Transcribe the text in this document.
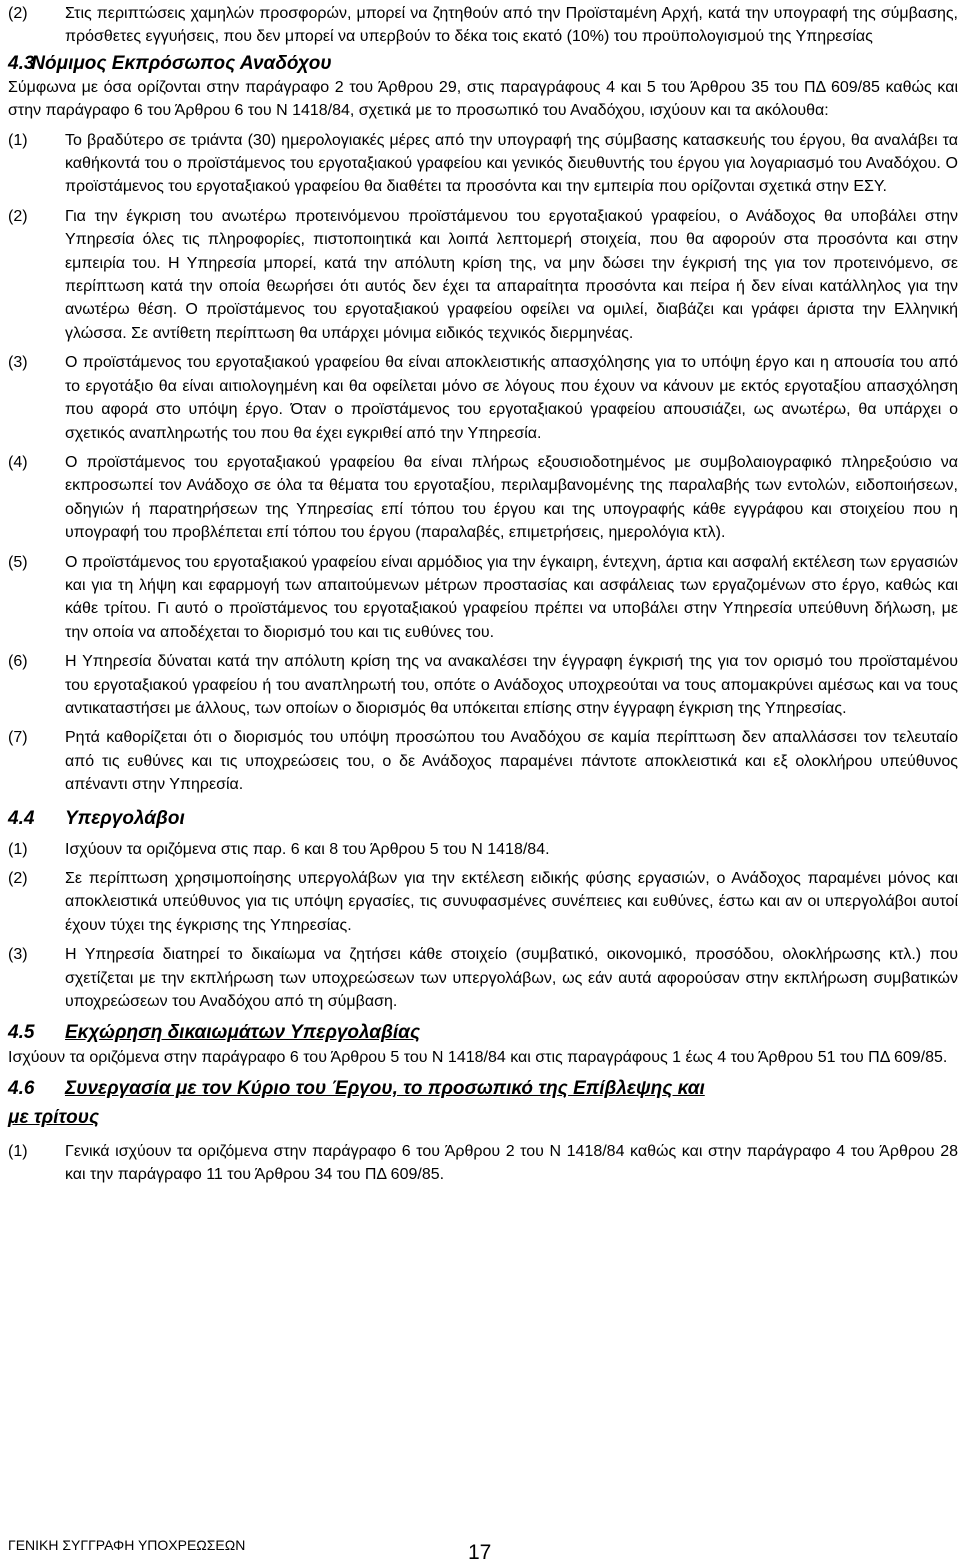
(2)	Στις περιπτώσεις χαμηλών προσφορών, μπορεί να ζητηθούν από την Προϊσταμένη Αρχή, κατά την υπογραφή της σύμβασης, πρόσθετες εγγυήσεις, που δεν μπορεί να υπερβούν το δέκα τοις εκατό (10%) του προϋπολογισμού της Υπηρεσίας
4.3 Νόμιμος Εκπρόσωπος Αναδόχου

Σύμφωνα με όσα ορίζονται στην παράγραφο 2 του Άρθρου 29, στις παραγράφους 4 και 5 του Άρθρου 35 του ΠΔ 609/85 καθώς και στην παράγραφο 6 του Άρθρου 6 του Ν 1418/84, σχετικά με το προσωπικό του Αναδόχου, ισχύουν και τα ακόλουθα:

(1)	Το βραδύτερο σε τριάντα (30) ημερολογιακές μέρες από την υπογραφή της σύμβασης κατασκευής του έργου, θα αναλάβει τα καθήκοντά του ο προϊστάμενος του εργοταξιακού γραφείου και γενικός διευθυντής του έργου για λογαριασμό του Αναδόχου. Ο προϊστάμενος του εργοταξιακού γραφείου θα διαθέτει τα προσόντα και την εμπειρία που ορίζονται σχετικά στην ΕΣΥ.
(2)	Για την έγκριση του ανωτέρω προτεινόμενου προϊστάμενου του εργοταξιακού γραφείου, ο Ανάδοχος θα υποβάλει στην Υπηρεσία όλες τις πληροφορίες, πιστοποιητικά και λοιπά λεπτομερή στοιχεία, που θα αφορούν στα προσόντα και στην εμπειρία του. Η Υπηρεσία μπορεί, κατά την απόλυτη κρίση της, να μην δώσει την έγκρισή της για τον προτεινόμενο, σε περίπτωση κατά την οποία θεωρήσει ότι αυτός δεν έχει τα απαραίτητα προσόντα και πείρα ή δεν είναι κατάλληλος για την ανωτέρω θέση. Ο προϊστάμενος του εργοταξιακού γραφείου οφείλει να ομιλεί, διαβάζει και γράφει άριστα την Ελληνική γλώσσα. Σε αντίθετη περίπτωση θα υπάρχει μόνιμα ειδικός τεχνικός διερμηνέας.
(3)	Ο προϊστάμενος του εργοταξιακού γραφείου θα είναι αποκλειστικής απασχόλησης για το υπόψη έργο και η απουσία του από το εργοτάξιο θα είναι αιτιολογημένη και θα οφείλεται μόνο σε λόγους που έχουν να κάνουν με εκτός εργοταξίου απασχόληση που αφορά στο υπόψη έργο. Όταν ο προϊστάμενος του εργοταξιακού γραφείου απουσιάζει, ως ανωτέρω, θα υπάρχει ο σχετικός αναπληρωτής του που θα έχει εγκριθεί από την Υπηρεσία.
(4)	Ο προϊστάμενος του εργοταξιακού γραφείου θα είναι πλήρως εξουσιοδοτημένος με συμβολαιογραφικό πληρεξούσιο να εκπροσωπεί τον Ανάδοχο σε όλα τα θέματα του εργοταξίου, περιλαμβανομένης της παραλαβής των εντολών, ειδοποιήσεων, οδηγιών ή παρατηρήσεων της Υπηρεσίας επί τόπου του έργου και της υπογραφής κάθε εγγράφου και στοιχείου που η υπογραφή του προβλέπεται επί τόπου του έργου (παραλαβές, επιμετρήσεις, ημερολόγια κτλ).
(5)	Ο προϊστάμενος του εργοταξιακού γραφείου είναι αρμόδιος για την έγκαιρη, έντεχνη, άρτια και ασφαλή εκτέλεση των εργασιών και για τη λήψη και εφαρμογή των απαιτούμενων μέτρων προστασίας και ασφάλειας των εργαζομένων στο έργο, καθώς και κάθε τρίτου. Γι αυτό ο προϊστάμενος του εργοταξιακού γραφείου πρέπει να υποβάλει στην Υπηρεσία υπεύθυνη δήλωση, με την οποία να αποδέχεται το διορισμό του και τις ευθύνες του.
(6)	Η Υπηρεσία δύναται κατά την απόλυτη κρίση της να ανακαλέσει την έγγραφη έγκρισή της για τον ορισμό του προϊσταμένου του εργοταξιακού γραφείου ή του αναπληρωτή του, οπότε ο Ανάδοχος υποχρεούται να τους απομακρύνει αμέσως και να τους αντικαταστήσει με άλλους, των οποίων ο διορισμός θα υπόκειται επίσης στην έγγραφη έγκριση της Υπηρεσίας.
(7)	Ρητά καθορίζεται ότι ο διορισμός του υπόψη προσώπου του Αναδόχου σε καμία περίπτωση δεν απαλλάσσει τον τελευταίο από τις ευθύνες και τις υποχρεώσεις του, ο δε Ανάδοχος παραμένει πάντοτε αποκλειστικά και εξ ολοκλήρου υπεύθυνος απέναντι στην Υπηρεσία.
4.4	Υπεργολάβοι
(1)	Ισχύουν τα οριζόμενα στις παρ. 6 και 8 του Άρθρου 5 του Ν 1418/84.
(2)	Σε περίπτωση χρησιμοποίησης υπεργολάβων για την εκτέλεση ειδικής φύσης εργασιών, ο Ανάδοχος παραμένει μόνος και αποκλειστικά υπεύθυνος για τις υπόψη εργασίες, τις συνυφασμένες συνέπειες και ευθύνες, έστω και αν οι υπεργολάβοι αυτοί έχουν τύχει της έγκρισης της Υπηρεσίας.
(3)	Η Υπηρεσία διατηρεί το δικαίωμα να ζητήσει κάθε στοιχείο (συμβατικό, οικονομικό, προσόδου, ολοκλήρωσης κτλ.) που σχετίζεται με την εκπλήρωση των υποχρεώσεων των υπεργολάβων, ως εάν αυτά αφορούσαν στην εκπλήρωση συμβατικών υποχρεώσεων του Αναδόχου από τη σύμβαση.
4.5	Εκχώρηση δικαιωμάτων Υπεργολαβίας

Ισχύουν τα οριζόμενα στην παράγραφο 6 του Άρθρου 5 του Ν 1418/84 και στις παραγράφους 1 έως 4 του Άρθρου 51 του ΠΔ 609/85.

4.6 Συνεργασία με τον Κύριο του Έργου, το προσωπικό της Επίβλεψης και
με τρίτους
(1)	Γενικά ισχύουν τα οριζόμενα στην παράγραφο 6 του Άρθρου 2 του Ν 1418/84 καθώς και στην παράγραφο 4 του Άρθρου 28 και την παράγραφο 11 του Άρθρου 34 του ΠΔ 609/85.
ΓΕΝΙΚΗ ΣΥΓΓΡΑΦΗ ΥΠΟΧΡΕΩΣΕΩΝ	17
